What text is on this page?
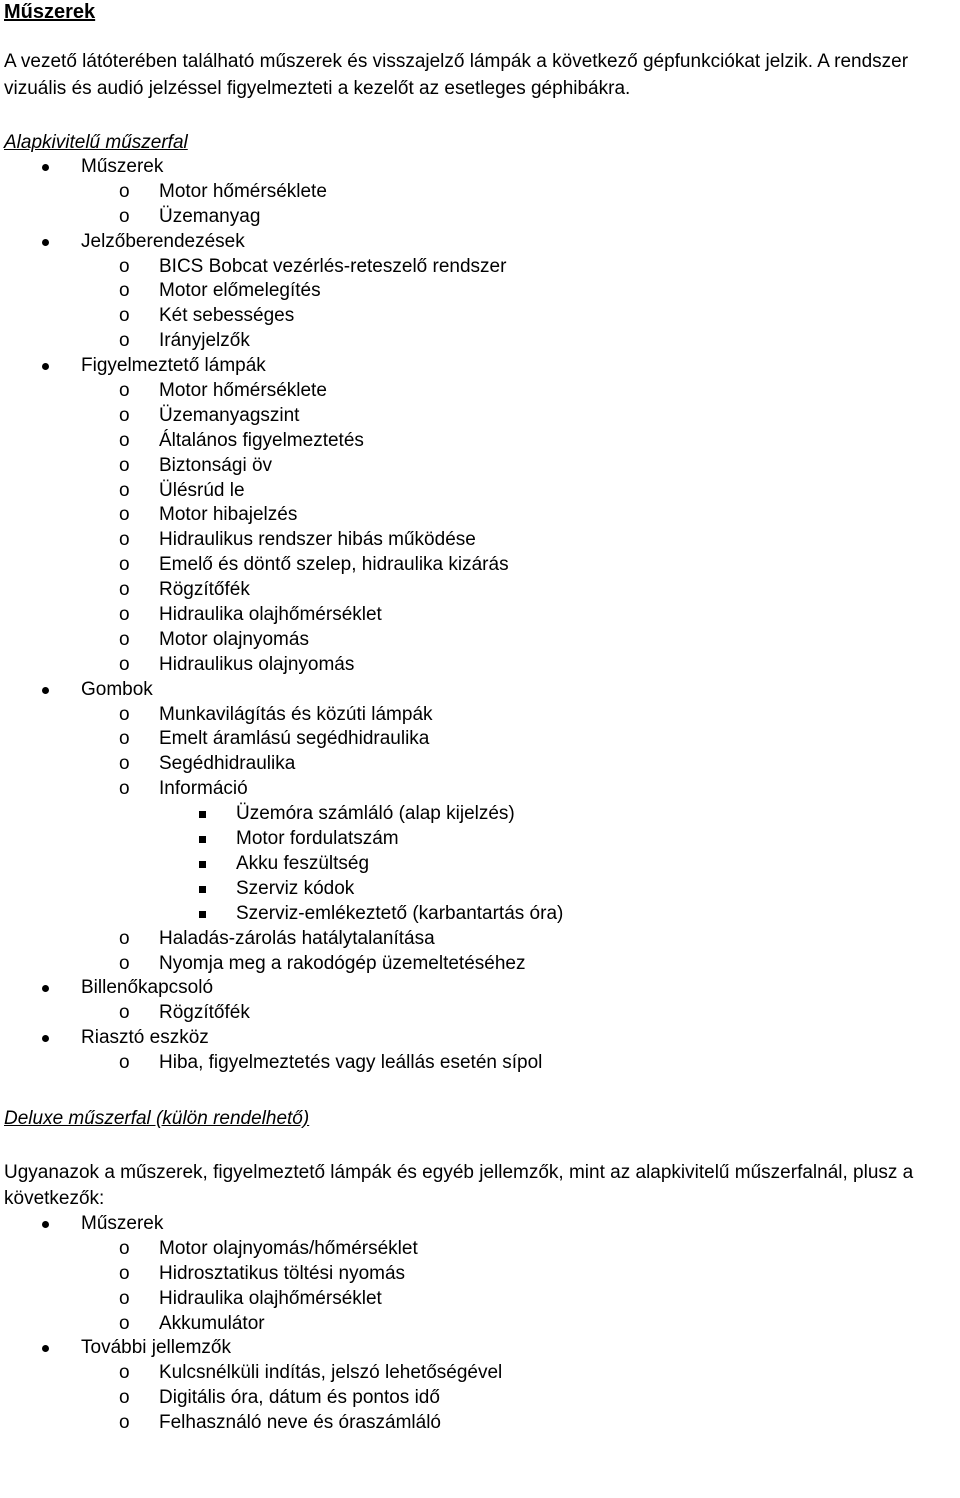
Műszerek
A vezető látóterében található műszerek és visszajelző lámpák a következő gépfunkciókat jelzik. A rendszer vizuális és audió jelzéssel figyelmezteti a kezelőt az esetleges géphibákra.
Alapkivitelű műszerfal
Műszerek
o Motor hőmérséklete
o Üzemanyag
Jelzőberendezések
o BICS Bobcat vezérlés-reteszelő rendszer
o Motor előmelegítés
o Két sebességes
o Irányjelzők
Figyelmeztető lámpák
o Motor hőmérséklete
o Üzemanyagszint
o Általános figyelmeztetés
o Biztonsági öv
o Ülésrúd le
o Motor hibajelzés
o Hidraulikus rendszer hibás működése
o Emelő és döntő szelep, hidraulika kizárás
o Rögzítőfék
o Hidraulika olajhőmérséklet
o Motor olajnyomás
o Hidraulikus olajnyomás
Gombok
o Munkavilágítás és közúti lámpák
o Emelt áramlású segédhidraulika
o Segédhidraulika
o Információ
Üzemóra számláló (alap kijelzés)
Motor fordulatszám
Akku feszültség
Szerviz kódok
Szerviz-emlékeztető (karbantartás óra)
o Haladás-zárolás hatálytalanítása
o Nyomja meg a rakodógép üzemeltetéséhez
Billenőkapcsoló
o Rögzítőfék
Riasztó eszköz
o Hiba, figyelmeztetés vagy leállás esetén sípol
Deluxe műszerfal (külön rendelhető)
Ugyanazok a műszerek, figyelmeztető lámpák és egyéb jellemzők, mint az alapkivitelű műszerfalnál, plusz a következők:
Műszerek
o Motor olajnyomás/hőmérséklet
o Hidrosztatikus töltési nyomás
o Hidraulika olajhőmérséklet
o Akkumulátor
További jellemzők
o Kulcsnélküli indítás, jelszó lehetőségével
o Digitális óra, dátum és pontos idő
o Felhasználó neve és óraszámláló
